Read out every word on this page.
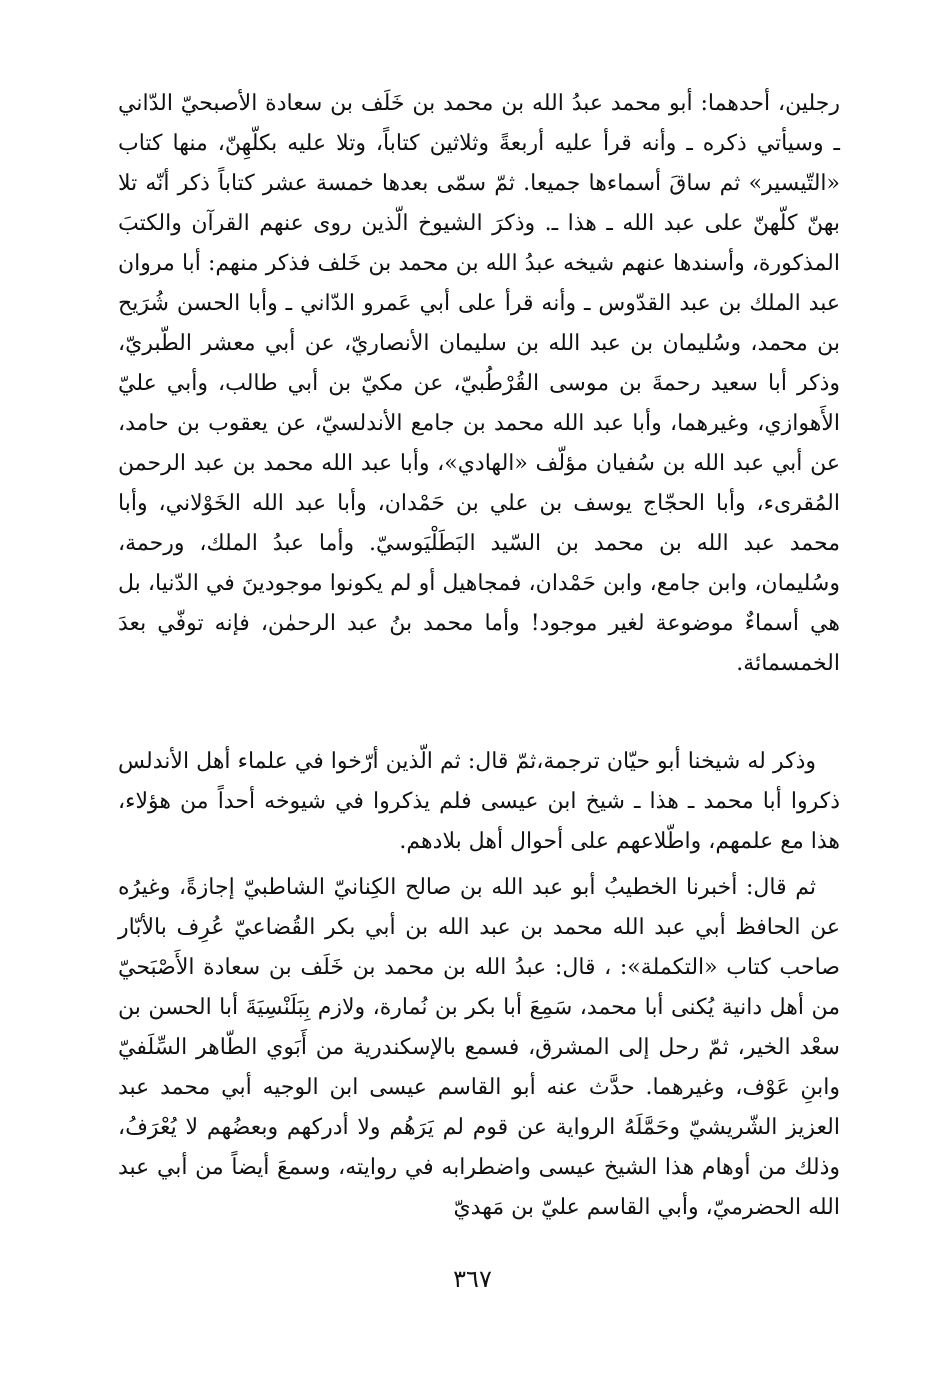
رجلين، أحدهما: أبو محمد عبدُ الله بن محمد بن خَلَف بن سعادة الأصبحيّ الدّاني ـ وسيأتي ذكره ـ وأنه قرأ عليه أربعةً وثلاثين كتاباً، وتلا عليه بكلّهِنّ، منها كتاب «التّيسير» ثم ساقَ أسماءها جميعا. ثمّ سمّى بعدها خمسة عشر كتاباً ذكر أنّه تلا بهنّ كلّهنّ على عبد الله ـ هذا ـ. وذكرَ الشيوخ الّذين روى عنهم القرآن والكتبَ المذكورة، وأسندها عنهم شيخه عبدُ الله بن محمد بن خَلف فذكر منهم: أبا مروان عبد الملك بن عبد القدّوس ـ وأنه قرأ على أبي عَمرو الدّاني ـ وأبا الحسن شُرَيح بن محمد، وسُليمان بن عبد الله بن سليمان الأنصاريّ، عن أبي معشر الطّبريّ، وذكر أبا سعيد رحمةَ بن موسى القُرْطُبيّ، عن مكيّ بن أبي طالب، وأبي عليّ الأَهوازي، وغيرهما، وأبا عبد الله محمد بن جامع الأندلسيّ، عن يعقوب بن حامد، عن أبي عبد الله بن سُفيان مؤلّف «الهادي»، وأبا عبد الله محمد بن عبد الرحمن المُقرىء، وأبا الحجّاج يوسف بن علي بن حَمْدان، وأبا عبد الله الخَوْلاني، وأبا محمد عبد الله بن محمد بن السّيد البَطَلْيَوسيّ. وأما عبدُ الملك، ورحمة، وسُليمان، وابن جامع، وابن حَمْدان، فمجاهيل أو لم يكونوا موجودينَ في الدّنيا، بل هي أسماءٌ موضوعة لغير موجود! وأما محمد بنُ عبد الرحمٰن، فإنه توفّي بعدَ الخمسمائة.

وذكر له شيخنا أبو حيّان ترجمة،ثمّ قال: ثم الّذين أرّخوا في علماء أهل الأندلس ذكروا أبا محمد ـ هذا ـ شيخ ابن عيسى فلم يذكروا في شيوخه أحداً من هؤلاء، هذا مع علمهم، واطّلاعهم على أحوال أهل بلادهم.

ثم قال: أخبرنا الخطيبُ أبو عبد الله بن صالح الكِنانيّ الشاطبيّ إجازةً، وغيرُه عن الحافظ أبي عبد الله محمد بن عبد الله بن أبي بكر القُضاعيّ عُرِف بالأبّار صاحب كتاب «التكملة»: ، قال: عبدُ الله بن محمد بن خَلَف بن سعادة الأَصْبَحيّ من أهل دانية يُكنى أبا محمد، سَمِعَ أبا بكر بن نُمارة، ولازم بِبَلَنْسِيَةَ أبا الحسن بن سعْد الخير، ثمّ رحل إلى المشرق، فسمع بالإسكندرية من أَبَوي الطّاهر السِّلَفيّ وابنِ عَوْف، وغيرهما. حدَّث عنه أبو القاسم عيسى ابن الوجيه أبي محمد عبد العزيز الشّريشيّ وحَمَّلَهُ الرواية عن قوم لم يَرَهُم ولا أدركهم وبعضُهم لا يُعْرَفُ، وذلك من أوهام هذا الشيخ عيسى واضطرابه في روايته، وسمعَ أيضاً من أبي عبد الله الحضرميّ، وأبي القاسم عليّ بن مَهديّ

٣٦٧
